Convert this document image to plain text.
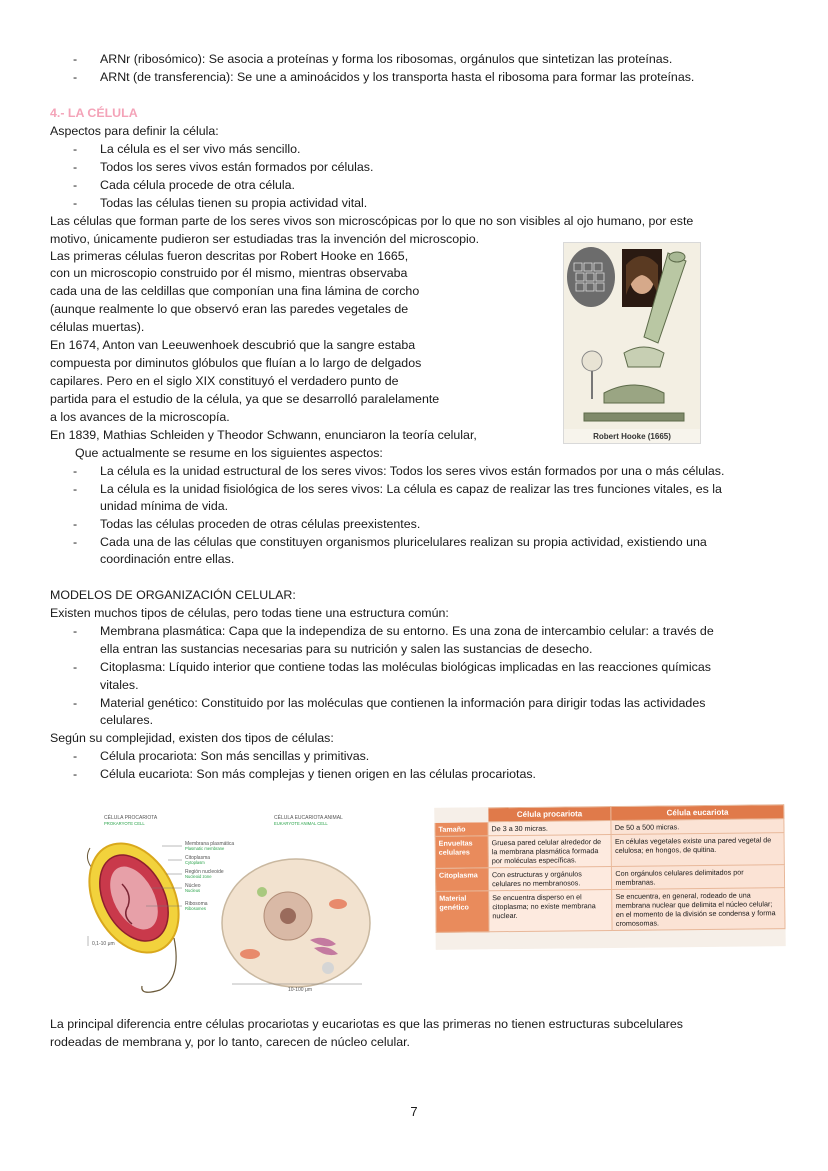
- ARNr (ribosómico): Se asocia a proteínas y forma los ribosomas, orgánulos que sintetizan las proteínas.
- ARNt (de transferencia): Se une a aminoácidos y los transporta hasta el ribosoma para formar las proteínas.
4.- LA CÉLULA
Aspectos para definir la célula:
- La célula es el ser vivo más sencillo.
- Todos los seres vivos están formados por células.
- Cada célula procede de otra célula.
- Todas las células tienen su propia actividad vital.
Las células que forman parte de los seres vivos son microscópicas por lo que no son visibles al ojo humano, por este
motivo, únicamente pudieron ser estudiadas tras la invención del microscopio.
Las primeras células fueron descritas por Robert Hooke en 1665,
con un microscopio construido por él mismo, mientras observaba
cada una de las celdillas que componían una fina lámina de corcho
(aunque realmente lo que observó eran las paredes vegetales de
células muertas).
En 1674, Anton van Leeuwenhoek descubrió que la sangre estaba
compuesta por diminutos glóbulos que fluían a lo largo de delgados
capilares. Pero en el siglo XIX constituyó el verdadero punto de
partida para el estudio de la célula, ya que se desarrolló paralelamente
a los avances de la microscopía.
En 1839, Mathias Schleiden y Theodor Schwann, enunciaron la teoría celular,
Que actualmente se resume en los siguientes aspectos:
Robert Hooke (1665)
- La célula es la unidad estructural de los seres vivos: Todos los seres vivos están formados por una o más células.
- La célula es la unidad fisiológica de los seres vivos: La célula es capaz de realizar las tres funciones vitales, es la
unidad mínima de vida.
- Todas las células proceden de otras células preexistentes.
- Cada una de las células que constituyen organismos pluricelulares realizan su propia actividad, existiendo una
coordinación entre ellas.
MODELOS DE ORGANIZACIÓN CELULAR:
Existen muchos tipos de células, pero todas tiene una estructura común:
- Membrana plasmática: Capa que la independiza de su entorno. Es una zona de intercambio celular: a través de
ella entran las sustancias necesarias para su nutrición y salen las sustancias de desecho.
- Citoplasma: Líquido interior que contiene todas las moléculas biológicas implicadas en las reacciones químicas
vitales.
- Material genético: Constituido por las moléculas que contienen la información para dirigir todas las actividades
celulares.
Según su complejidad, existen dos tipos de células:
- Célula procariota: Son más sencillas y primitivas.
- Célula eucariota: Son más complejas y tienen origen en las células procariotas.
CÉLULA PROCARIOTA
PROKARYOTE CELL
CÉLULA EUCARIOTA ANIMAL
EUKARYOTE ANIMAL CELL
Membrana plasmática
Plasmatic membrane
Citoplasma
Cytoplasm
Región nucleoide
Nucleoid zone
Núcleo
Nucleus
Ribosoma
Ribosomes
0,1-10 μm
10-100 μm
	Célula procariota	Célula eucariota
Tamaño	De 3 a 30 micras.	De 50 a 500 micras.
Envueltas celulares	Gruesa pared celular alrededor de la membrana plasmática formada por moléculas específicas.	En células vegetales existe una pared vegetal de celulosa; en hongos, de quitina.
Citoplasma	Con estructuras y orgánulos celulares no membranosos.	Con orgánulos celulares delimitados por membranas.
Material genético	Se encuentra disperso en el citoplasma; no existe membrana nuclear.	Se encuentra, en general, rodeado de una membrana nuclear que delimita el núcleo celular; en el momento de la división se condensa y forma cromosomas.
La principal diferencia entre células procariotas y eucariotas es que las primeras no tienen estructuras subcelulares
rodeadas de membrana y, por lo tanto, carecen de núcleo celular.
7
